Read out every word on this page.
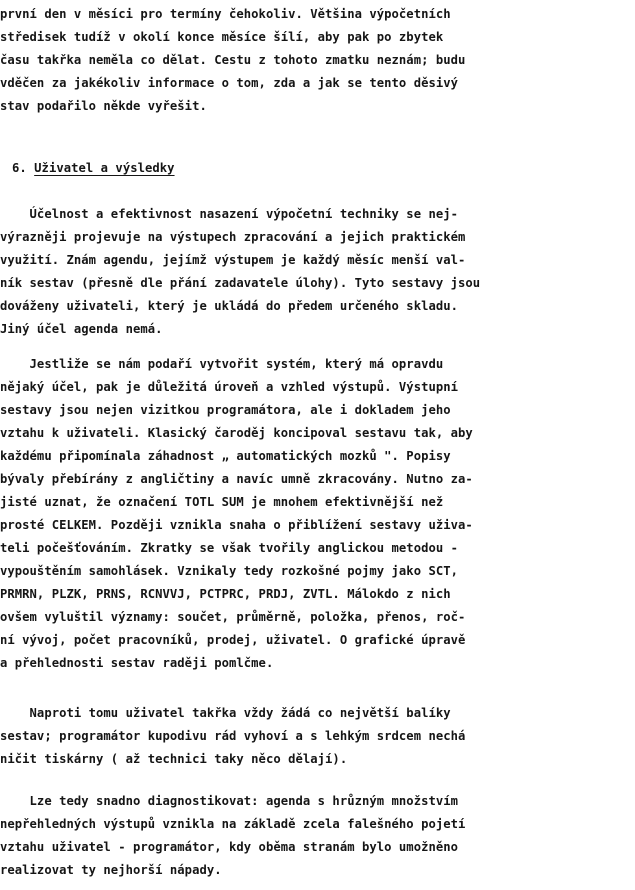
první den v měsíci pro termíny čehokoliv. Většina výpočetních
středisek tudíž v okolí konce měsíce šílí, aby pak po zbytek
času takřka neměla co dělat. Cestu z tohoto zmatku neznám; budu
vděčen za jakékoliv informace o tom, zda a jak se tento děsivý
stav podařilo někde vyřešit.
6. Uživatel a výsledky
Účelnost a efektivnost nasazení výpočetní techniky se nej-
výrazněji projevuje na výstupech zpracování a jejich praktickém
využití. Znám agendu, jejímž výstupem je každý měsíc menší val-
ník sestav (přesně dle přání zadavatele úlohy). Tyto sestavy jsou
dováženy uživateli, který je ukládá do předem určeného skladu.
Jiný účel agenda nemá.
Jestliže se nám podaří vytvořit systém, který má opravdu
nějaký účel, pak je důležitá úroveň a vzhled výstupů. Výstupní
sestavy jsou nejen vizitkou programátora, ale i dokladem jeho
vztahu k uživateli. Klasický čaroděj koncipoval sestavu tak, aby
každému připomínala záhadnost „ automatických mozků ". Popisy
bývaly přebírány z angličtiny a navíc umně zkracovány. Nutno za-
jisté uznat, že označení TOTL SUM je mnohem efektivnější než
prosté CELKEM. Později vznikla snaha o přiblížení sestavy uživa-
teli počešťováním. Zkratky se však tvořily anglickou metodou -
vypouštěním samohlásek. Vznikaly tedy rozkošné pojmy jako SCT,
PRMRN, PLZK, PRNS, RCNVVJ, PCTPRC, PRDJ, ZVTL. Málokdo z nich
ovšem vyluštil významy: součet, průměrně, položka, přenos, roč-
ní vývoj, počet pracovníků, prodej, uživatel. O grafické úpravě
a přehlednosti sestav raději pomlčme.
Naproti tomu uživatel takřka vždy žádá co největší balíky
sestav; programátor kupodivu rád vyhoví a s lehkým srdcem nechá
ničit tiskárny ( až technici taky něco dělají).
Lze tedy snadno diagnostikovat: agenda s hrůzným množstvím
nepřehledných výstupů vznikla na základě zcela falešného pojetí
vztahu uživatel - programátor, kdy oběma stranám bylo umožněno
realizovat ty nejhorší nápady.
